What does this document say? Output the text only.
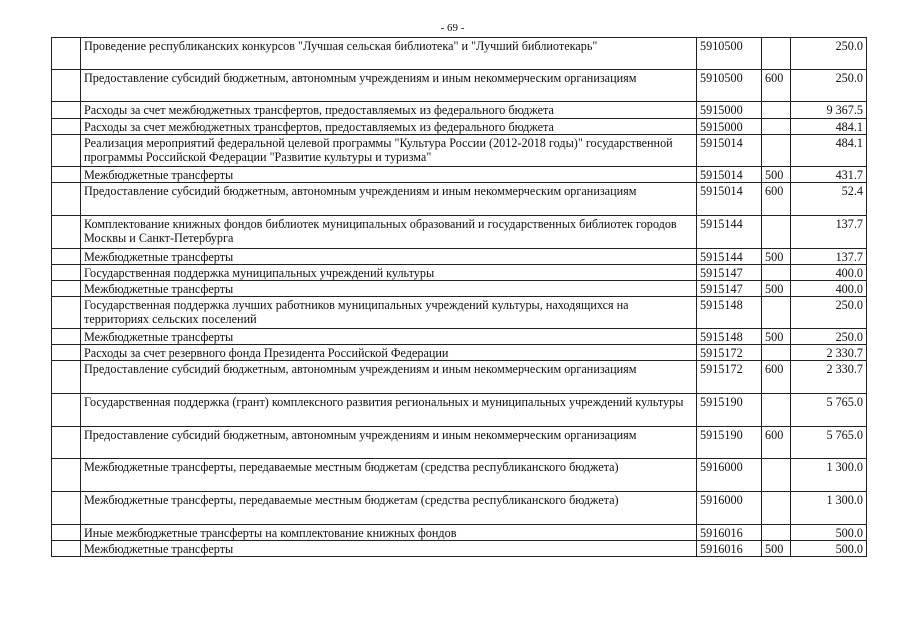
- 69 -
	Проведение республиканских конкурсов "Лучшая сельская библиотека" и "Лучший библиотекарь"	5910500		250.0
	Предоставление субсидий бюджетным, автономным учреждениям и иным некоммерческим организациям	5910500	600	250.0
	Расходы за счет межбюджетных трансфертов, предоставляемых из федерального бюджета	5915000		9 367.5
	Расходы за счет межбюджетных трансфертов, предоставляемых из федерального бюджета	5915000		484.1
	Реализация мероприятий федеральной целевой программы "Культура России (2012-2018 годы)" государственной программы Российской Федерации "Развитие культуры и туризма"	5915014		484.1
	Межбюджетные трансферты	5915014	500	431.7
	Предоставление субсидий бюджетным, автономным учреждениям и иным некоммерческим организациям	5915014	600	52.4
	Комплектование книжных фондов библиотек муниципальных образований и государственных библиотек городов Москвы и Санкт-Петербурга	5915144		137.7
	Межбюджетные трансферты	5915144	500	137.7
	Государственная поддержка муниципальных учреждений культуры	5915147		400.0
	Межбюджетные трансферты	5915147	500	400.0
	Государственная поддержка лучших работников муниципальных учреждений культуры, находящихся на территориях сельских поселений	5915148		250.0
	Межбюджетные трансферты	5915148	500	250.0
	Расходы за счет резервного фонда Президента Российской Федерации	5915172		2 330.7
	Предоставление субсидий бюджетным, автономным учреждениям и иным некоммерческим организациям	5915172	600	2 330.7
	Государственная поддержка (грант) комплексного развития региональных и муниципальных учреждений культуры	5915190		5 765.0
	Предоставление субсидий бюджетным, автономным учреждениям и иным некоммерческим организациям	5915190	600	5 765.0
	Межбюджетные трансферты, передаваемые местным бюджетам (средства республиканского бюджета)	5916000		1 300.0
	Межбюджетные трансферты, передаваемые местным бюджетам (средства республиканского бюджета)	5916000		1 300.0
	Иные межбюджетные трансферты на комплектование книжных фондов	5916016		500.0
	Межбюджетные трансферты	5916016	500	500.0
